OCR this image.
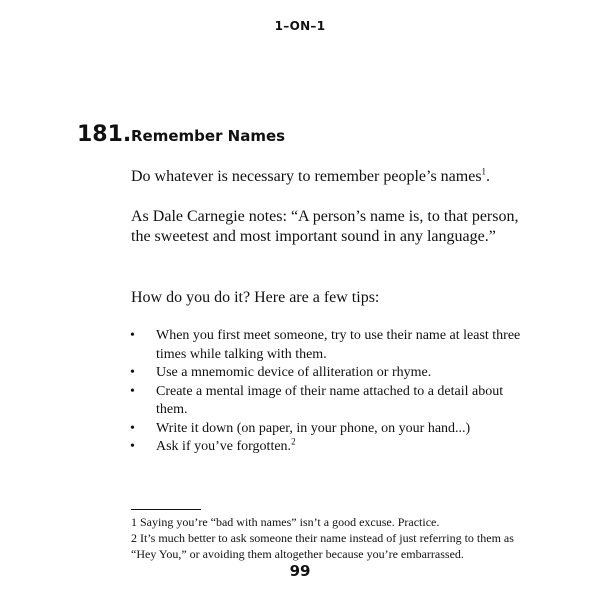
1–ON–1
181. Remember Names

Do whatever is necessary to remember people’s names$^1$.

As Dale Carnegie notes: “A person’s name is, to that person, the sweetest and most important sound in any language.”

How do you do it? Here are a few tips:

• When you first meet someone, try to use their name at least three times while talking with them.
• Use a mnemomic device of alliteration or rhyme.
• Create a mental image of their name attached to a detail about them.
• Write it down (on paper, in your phone, on your hand...)
• Ask if you’ve forgotten.$^2$
1 Saying you’re “bad with names” isn’t a good excuse. Practice.
2 It’s much better to ask someone their name instead of just referring to them as “Hey You,” or avoiding them altogether because you’re embarrassed.
99
